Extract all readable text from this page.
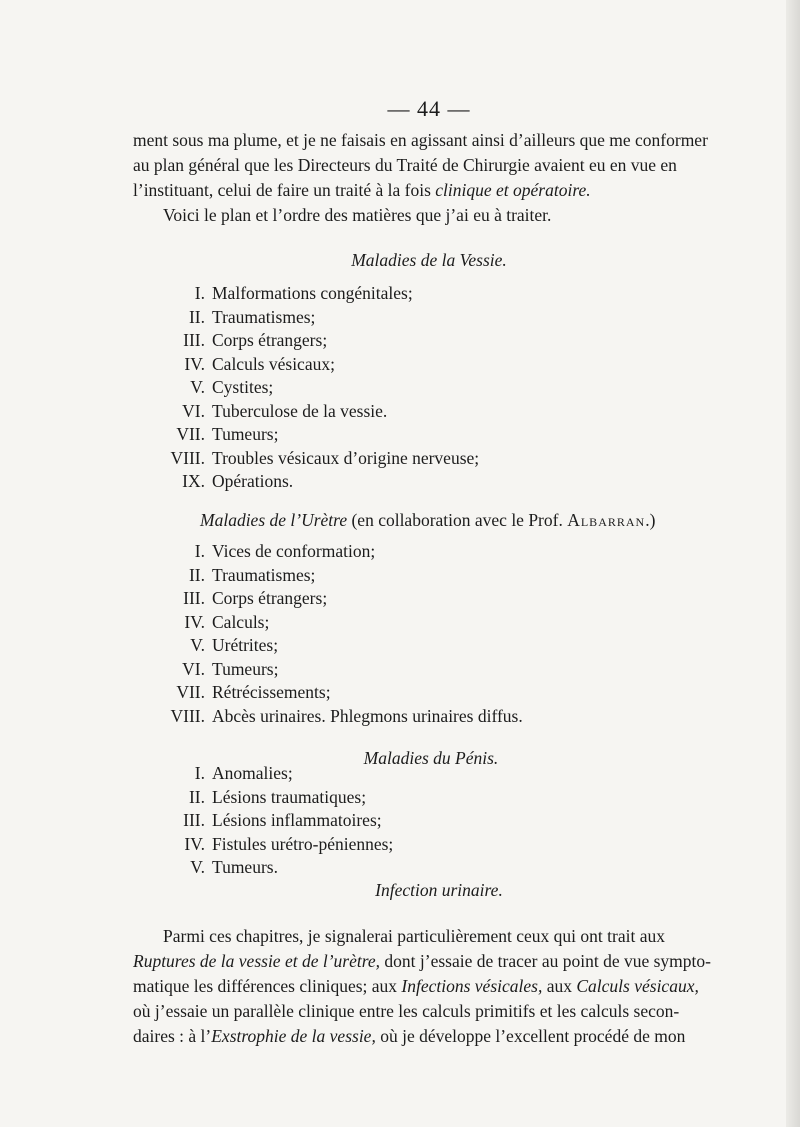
— 44 —
ment sous ma plume, et je ne faisais en agissant ainsi d’ailleurs que me conformer
au plan général que les Directeurs du Traité de Chirurgie avaient eu en vue en
l’instituant, celui de faire un traité à la fois clinique et opératoire.
Voici le plan et l’ordre des matières que j’ai eu à traiter.
Maladies de la Vessie.
I. Malformations congénitales;
II. Traumatismes;
III. Corps étrangers;
IV. Calculs vésicaux;
V. Cystites;
VI. Tuberculose de la vessie.
VII. Tumeurs;
VIII. Troubles vésicaux d’origine nerveuse;
IX. Opérations.
Maladies de l’Urètre (en collaboration avec le Prof. Albarran.)
I. Vices de conformation;
II. Traumatismes;
III. Corps étrangers;
IV. Calculs;
V. Urétrites;
VI. Tumeurs;
VII. Rétrécissements;
VIII. Abcès urinaires. Phlegmons urinaires diffus.
Maladies du Pénis.
I. Anomalies;
II. Lésions traumatiques;
III. Lésions inflammatoires;
IV. Fistules urétro-péniennes;
V. Tumeurs.
Infection urinaire.
Parmi ces chapitres, je signalerai particulièrement ceux qui ont trait aux
Ruptures de la vessie et de l’urètre, dont j’essaie de tracer au point de vue sympto-
matique les différences cliniques; aux Infections vésicales, aux Calculs vésicaux,
où j’essaie un parallèle clinique entre les calculs primitifs et les calculs secon-
daires : à l’Exstrophie de la vessie, où je développe l’excellent procédé de mon
